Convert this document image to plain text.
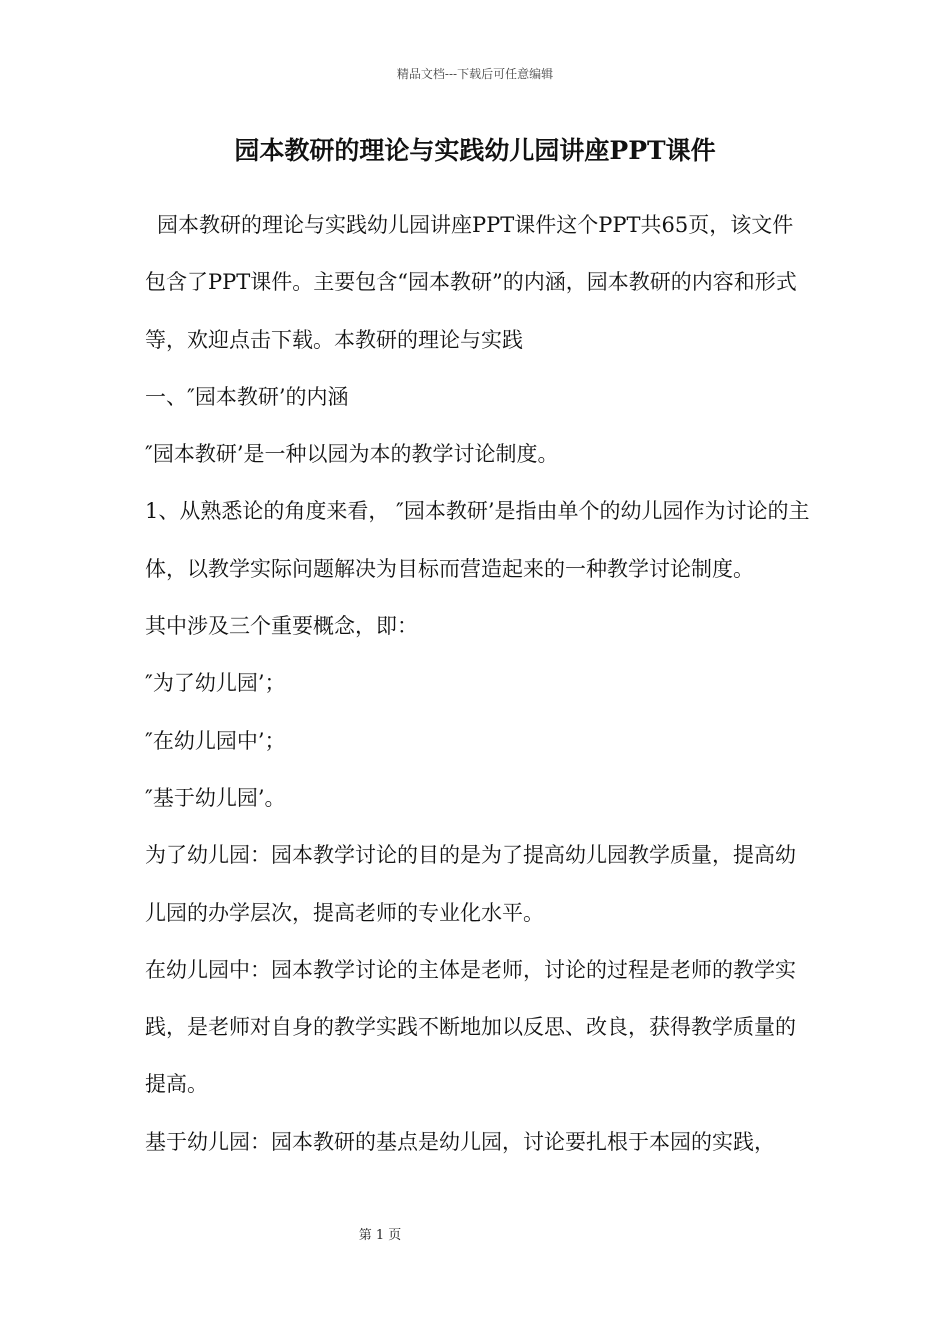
精品文档---下载后可任意编辑
园本教研的理论与实践幼儿园讲座PPT课件

园本教研的理论与实践幼儿园讲座PPT课件这个PPT共65页，该文件包含了PPT课件。主要包含“园本教研”的内涵，园本教研的内容和形式等，欢迎点击下载。本教研的理论与实践

一、″园本教研’的内涵

″园本教研’是一种以园为本的教学讨论制度。

1、从熟悉论的角度来看， ″园本教研’是指由单个的幼儿园作为讨论的主体，以教学实际问题解决为目标而营造起来的一种教学讨论制度。

其中涉及三个重要概念，即：

″为了幼儿园’；

″在幼儿园中’；

″基于幼儿园’。

为了幼儿园：园本教学讨论的目的是为了提高幼儿园教学质量，提高幼儿园的办学层次，提高老师的专业化水平。

在幼儿园中：园本教学讨论的主体是老师，讨论的过程是老师的教学实践，是老师对自身的教学实践不断地加以反思、改良，获得教学质量的提高。

基于幼儿园：园本教研的基点是幼儿园，讨论要扎根于本园的实践，

第 1 页
